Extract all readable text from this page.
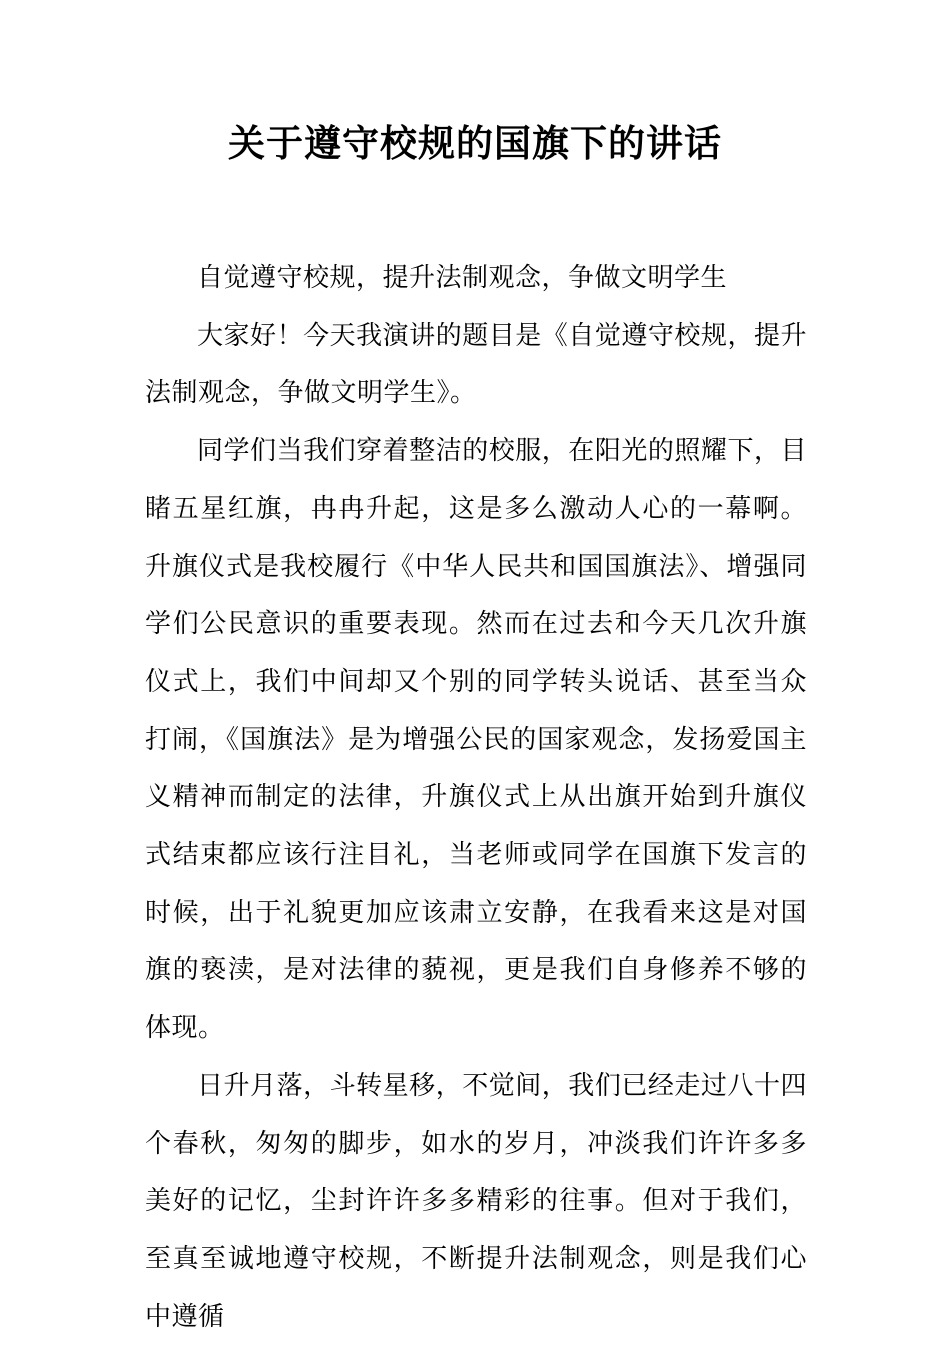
关于遵守校规的国旗下的讲话

自觉遵守校规，提升法制观念，争做文明学生

大家好！今天我演讲的题目是《自觉遵守校规，提升法制观念，争做文明学生》。

同学们当我们穿着整洁的校服，在阳光的照耀下，目睹五星红旗，冉冉升起，这是多么激动人心的一幕啊。升旗仪式是我校履行《中华人民共和国国旗法》、增强同学们公民意识的重要表现。然而在过去和今天几次升旗仪式上，我们中间却又个别的同学转头说话、甚至当众打闹，《国旗法》是为增强公民的国家观念，发扬爱国主义精神而制定的法律，升旗仪式上从出旗开始到升旗仪式结束都应该行注目礼，当老师或同学在国旗下发言的时候，出于礼貌更加应该肃立安静，在我看来这是对国旗的亵渎，是对法律的藐视，更是我们自身修养不够的体现。

日升月落，斗转星移，不觉间，我们已经走过八十四个春秋，匆匆的脚步，如水的岁月，冲淡我们许许多多美好的记忆，尘封许许多多精彩的往事。但对于我们，至真至诚地遵守校规，不断提升法制观念，则是我们心中遵循
